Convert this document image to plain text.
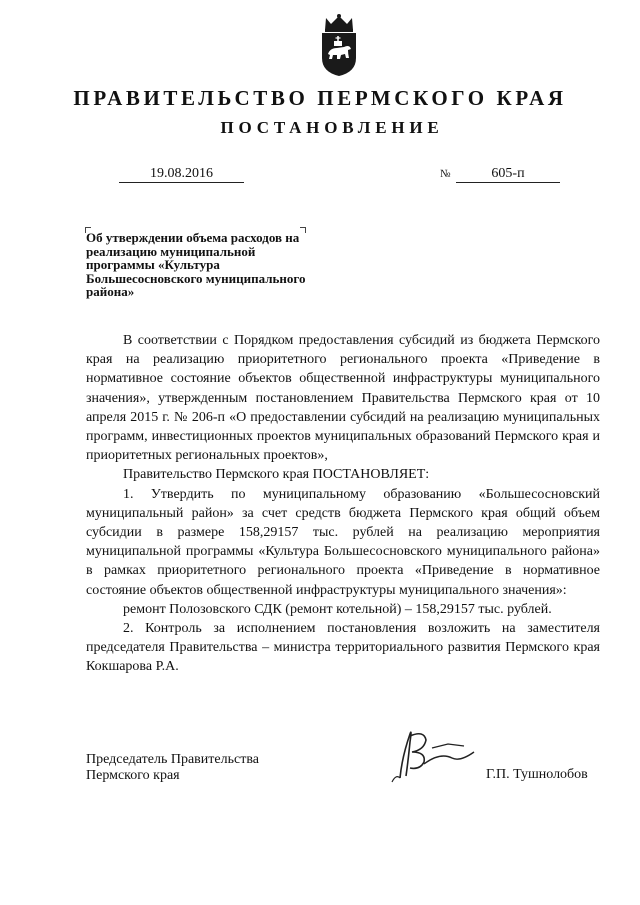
ПРАВИТЕЛЬСТВО ПЕРМСКОГО КРАЯ
ПОСТАНОВЛЕНИЕ
19.08.2016	№	605-п
Об утверждении объема расходов на реализацию муниципальной программы «Культура Большесосновского муниципального района»

В соответствии с Порядком предоставления субсидий из бюджета Пермского края на реализацию приоритетного регионального проекта «Приведение в нормативное состояние объектов общественной инфраструктуры муниципального значения», утвержденным постановлением Правительства Пермского края от 10 апреля 2015 г. № 206-п «О предоставлении субсидий на реализацию муниципальных программ, инвестиционных проектов муниципальных образований Пермского края и приоритетных региональных проектов»,

Правительство Пермского края ПОСТАНОВЛЯЕТ:

1. Утвердить по муниципальному образованию «Большесосновский муниципальный район» за счет средств бюджета Пермского края общий объем субсидии в размере 158,29157 тыс. рублей на реализацию мероприятия муниципальной программы «Культура Большесосновского муниципального района» в рамках приоритетного регионального проекта «Приведение в нормативное состояние объектов общественной инфраструктуры муниципального значения»:

ремонт Полозовского СДК (ремонт котельной) – 158,29157 тыс. рублей.

2. Контроль за исполнением постановления возложить на заместителя председателя Правительства – министра территориального развития Пермского края Кокшарова Р.А.

Председатель Правительства
Пермского края	Г.П. Тушнолобов
